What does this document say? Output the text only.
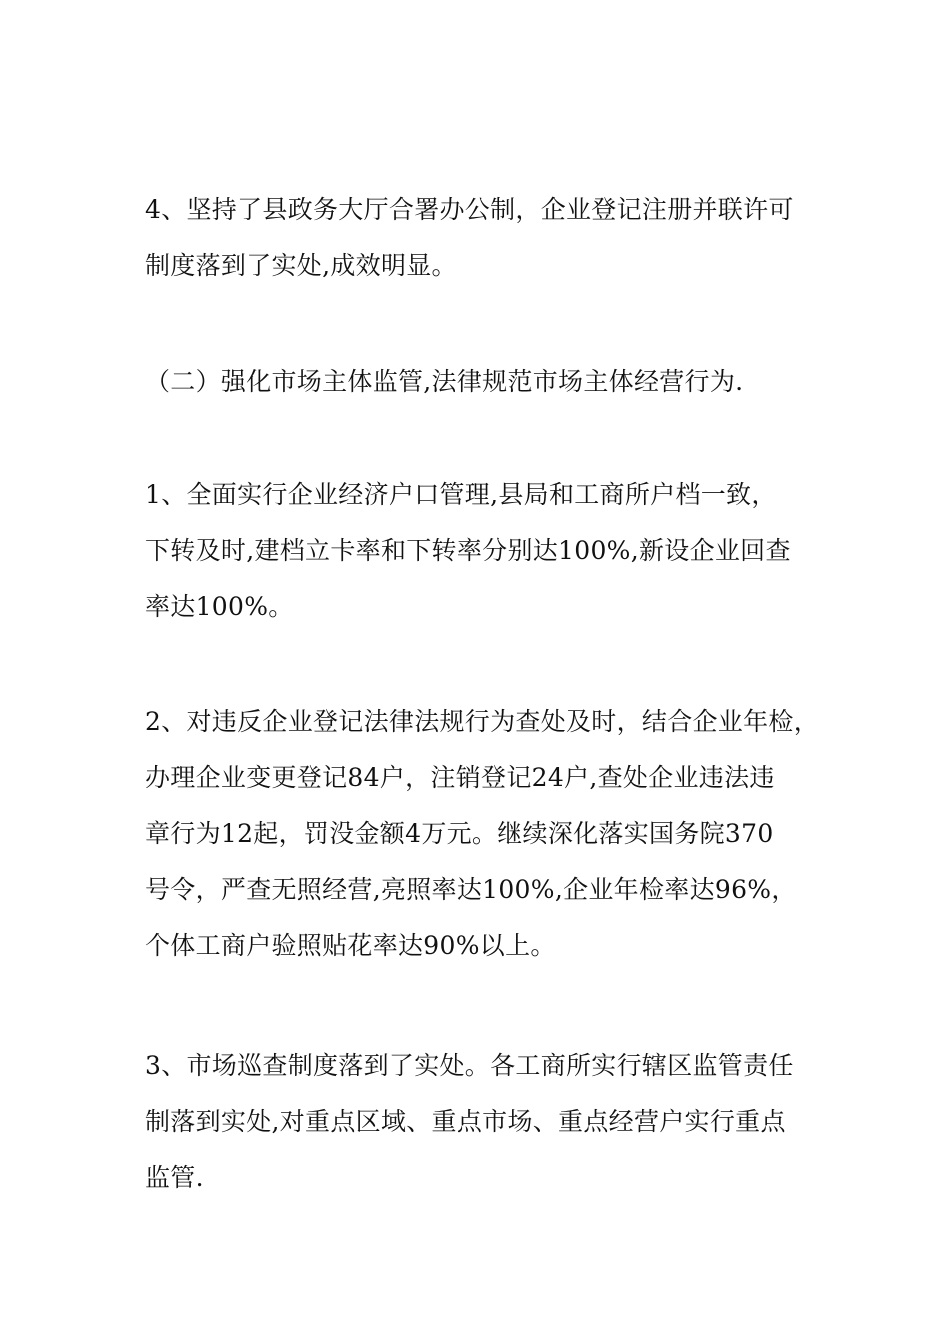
4、坚持了县政务大厅合署办公制，企业登记注册并联许可
制度落到了实处,成效明显。

（二）强化市场主体监管,法律规范市场主体经营行为.

1、全面实行企业经济户口管理,县局和工商所户档一致，
下转及时,建档立卡率和下转率分别达100%,新设企业回查
率达100%。

2、对违反企业登记法律法规行为查处及时，结合企业年检，
办理企业变更登记84户，注销登记24户,查处企业违法违
章行为12起，罚没金额4万元。继续深化落实国务院370
号令，严查无照经营,亮照率达100%,企业年检率达96%，
个体工商户验照贴花率达90%以上。

3、市场巡查制度落到了实处。各工商所实行辖区监管责任
制落到实处,对重点区域、重点市场、重点经营户实行重点
监管.
